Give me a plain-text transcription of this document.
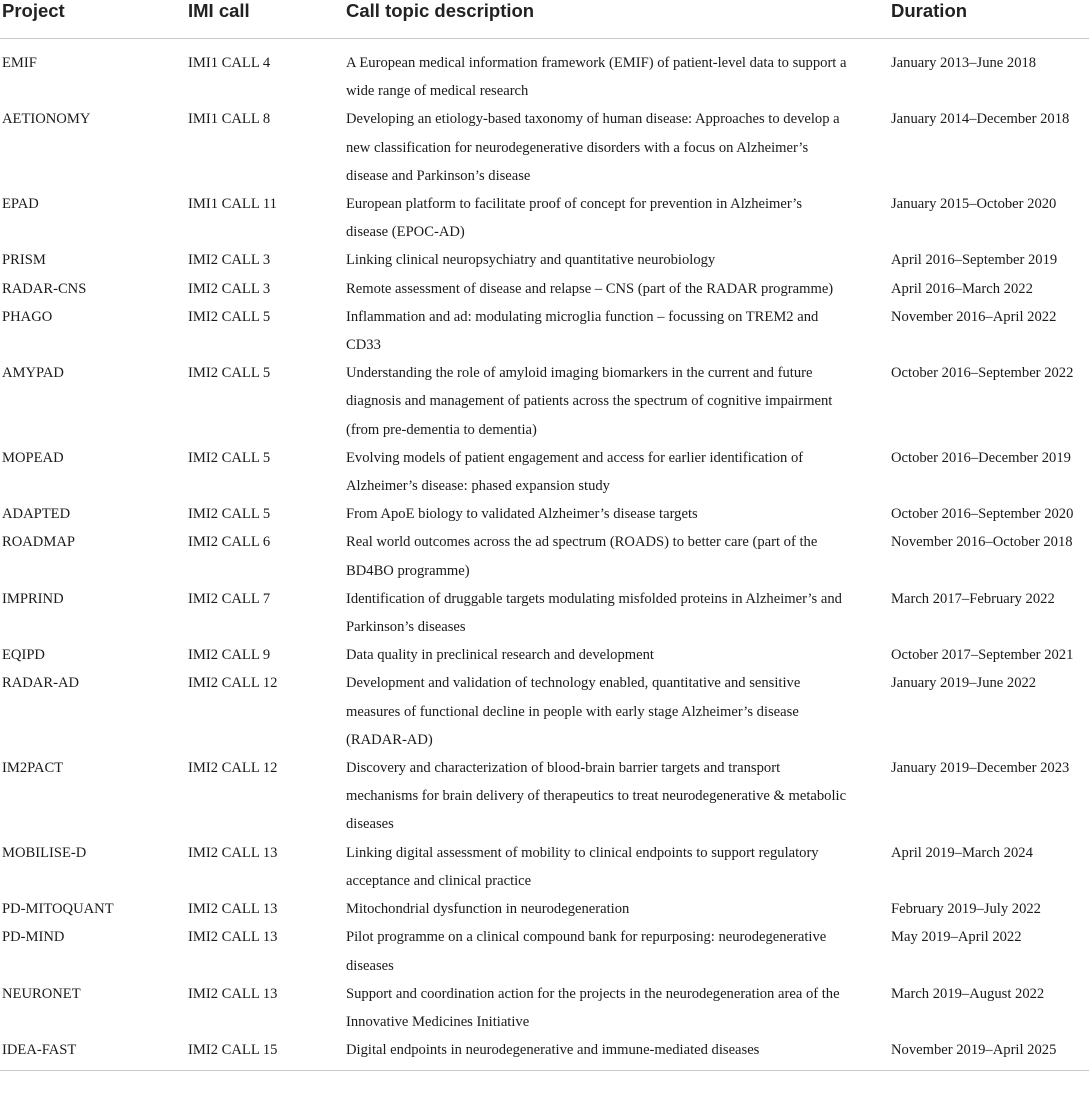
Project	IMI call	Call topic description	Duration

EMIF	IMI1 CALL 4	A European medical information framework (EMIF) of patient-level data to support a wide range of medical research	January 2013–June 2018

AETIONOMY	IMI1 CALL 8	Developing an etiology-based taxonomy of human disease: Approaches to develop a new classification for neurodegenerative disorders with a focus on Alzheimer’s disease and Parkinson’s disease	January 2014–December 2018

EPAD	IMI1 CALL 11	European platform to facilitate proof of concept for prevention in Alzheimer’s disease (EPOC-AD)	January 2015–October 2020

PRISM	IMI2 CALL 3	Linking clinical neuropsychiatry and quantitative neurobiology	April 2016–September 2019

RADAR-CNS	IMI2 CALL 3	Remote assessment of disease and relapse – CNS (part of the RADAR programme)	April 2016–March 2022

PHAGO	IMI2 CALL 5	Inflammation and ad: modulating microglia function – focussing on TREM2 and CD33	November 2016–April 2022

AMYPAD	IMI2 CALL 5	Understanding the role of amyloid imaging biomarkers in the current and future diagnosis and management of patients across the spectrum of cognitive impairment (from pre-dementia to dementia)	October 2016–September 2022

MOPEAD	IMI2 CALL 5	Evolving models of patient engagement and access for earlier identification of Alzheimer’s disease: phased expansion study	October 2016–December 2019

ADAPTED	IMI2 CALL 5	From ApoE biology to validated Alzheimer’s disease targets	October 2016–September 2020

ROADMAP	IMI2 CALL 6	Real world outcomes across the ad spectrum (ROADS) to better care (part of the BD4BO programme)	November 2016–October 2018

IMPRIND	IMI2 CALL 7	Identification of druggable targets modulating misfolded proteins in Alzheimer’s and Parkinson’s diseases	March 2017–February 2022

EQIPD	IMI2 CALL 9	Data quality in preclinical research and development	October 2017–September 2021

RADAR-AD	IMI2 CALL 12	Development and validation of technology enabled, quantitative and sensitive measures of functional decline in people with early stage Alzheimer’s disease (RADAR-AD)	January 2019–June 2022

IM2PACT	IMI2 CALL 12	Discovery and characterization of blood-brain barrier targets and transport mechanisms for brain delivery of therapeutics to treat neurodegenerative & metabolic diseases	January 2019–December 2023

MOBILISE-D	IMI2 CALL 13	Linking digital assessment of mobility to clinical endpoints to support regulatory acceptance and clinical practice	April 2019–March 2024

PD-MITOQUANT	IMI2 CALL 13	Mitochondrial dysfunction in neurodegeneration	February 2019–July 2022

PD-MIND	IMI2 CALL 13	Pilot programme on a clinical compound bank for repurposing: neurodegenerative diseases	May 2019–April 2022

NEURONET	IMI2 CALL 13	Support and coordination action for the projects in the neurodegeneration area of the Innovative Medicines Initiative	March 2019–August 2022

IDEA-FAST	IMI2 CALL 15	Digital endpoints in neurodegenerative and immune-mediated diseases	November 2019–April 2025
